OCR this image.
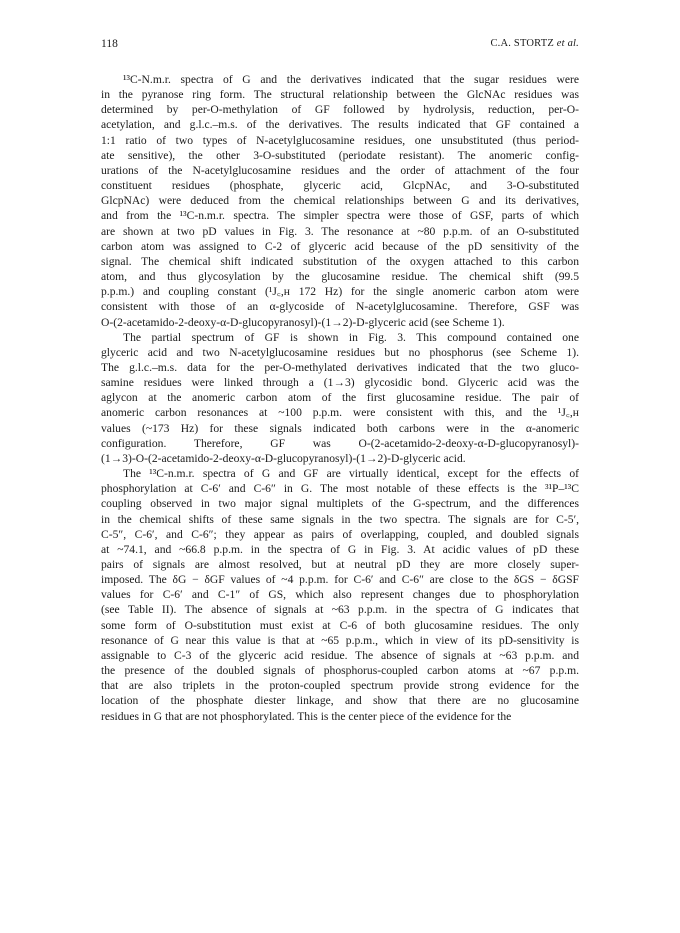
118	C.A. STORTZ et al.

¹³C-N.m.r. spectra of G and the derivatives indicated that the sugar residues were
in the pyranose ring form. The structural relationship between the GlcNAc residues was
determined by per-O-methylation of GF followed by hydrolysis, reduction, per-O-
acetylation, and g.l.c.–m.s. of the derivatives. The results indicated that GF contained a
1:1 ratio of two types of N-acetylglucosamine residues, one unsubstituted (thus period-
ate sensitive), the other 3-O-substituted (periodate resistant). The anomeric config-
urations of the N-acetylglucosamine residues and the order of attachment of the four
constituent residues (phosphate, glyceric acid, GlcpNAc, and 3-O-substituted
GlcpNAc) were deduced from the chemical relationships between G and its derivatives,
and from the ¹³C-n.m.r. spectra. The simpler spectra were those of GSF, parts of which
are shown at two pD values in Fig. 3. The resonance at ~80 p.p.m. of an O-substituted
carbon atom was assigned to C-2 of glyceric acid because of the pD sensitivity of the
signal. The chemical shift indicated substitution of the oxygen attached to this carbon
atom, and thus glycosylation by the glucosamine residue. The chemical shift (99.5
p.p.m.) and coupling constant (¹J꜀,ʜ 172 Hz) for the single anomeric carbon atom were
consistent with those of an α-glycoside of N-acetylglucosamine. Therefore, GSF was
O-(2-acetamido-2-deoxy-α-D-glucopyranosyl)-(1→2)-D-glyceric acid (see Scheme 1).

The partial spectrum of GF is shown in Fig. 3. This compound contained one
glyceric acid and two N-acetylglucosamine residues but no phosphorus (see Scheme 1).
The g.l.c.–m.s. data for the per-O-methylated derivatives indicated that the two gluco-
samine residues were linked through a (1→3) glycosidic bond. Glyceric acid was the
aglycon at the anomeric carbon atom of the first glucosamine residue. The pair of
anomeric carbon resonances at ~100 p.p.m. were consistent with this, and the ¹J꜀,ʜ
values (~173 Hz) for these signals indicated both carbons were in the α-anomeric
configuration. Therefore, GF was O-(2-acetamido-2-deoxy-α-D-glucopyranosyl)-
(1→3)-O-(2-acetamido-2-deoxy-α-D-glucopyranosyl)-(1→2)-D-glyceric acid.

The ¹³C-n.m.r. spectra of G and GF are virtually identical, except for the effects of
phosphorylation at C-6′ and C-6″ in G. The most notable of these effects is the ³¹P–¹³C
coupling observed in two major signal multiplets of the G-spectrum, and the differences
in the chemical shifts of these same signals in the two spectra. The signals are for C-5′,
C-5″, C-6′, and C-6″; they appear as pairs of overlapping, coupled, and doubled signals
at ~74.1, and ~66.8 p.p.m. in the spectra of G in Fig. 3. At acidic values of pD these
pairs of signals are almost resolved, but at neutral pD they are more closely super-
imposed. The δG − δGF values of ~4 p.p.m. for C-6′ and C-6″ are close to the δGS − δGSF
values for C-6′ and C-1″ of GS, which also represent changes due to phosphorylation
(see Table II). The absence of signals at ~63 p.p.m. in the spectra of G indicates that
some form of O-substitution must exist at C-6 of both glucosamine residues. The only
resonance of G near this value is that at ~65 p.p.m., which in view of its pD-sensitivity is
assignable to C-3 of the glyceric acid residue. The absence of signals at ~63 p.p.m. and
the presence of the doubled signals of phosphorus-coupled carbon atoms at ~67 p.p.m.
that are also triplets in the proton-coupled spectrum provide strong evidence for the
location of the phosphate diester linkage, and show that there are no glucosamine
residues in G that are not phosphorylated. This is the center piece of the evidence for the
